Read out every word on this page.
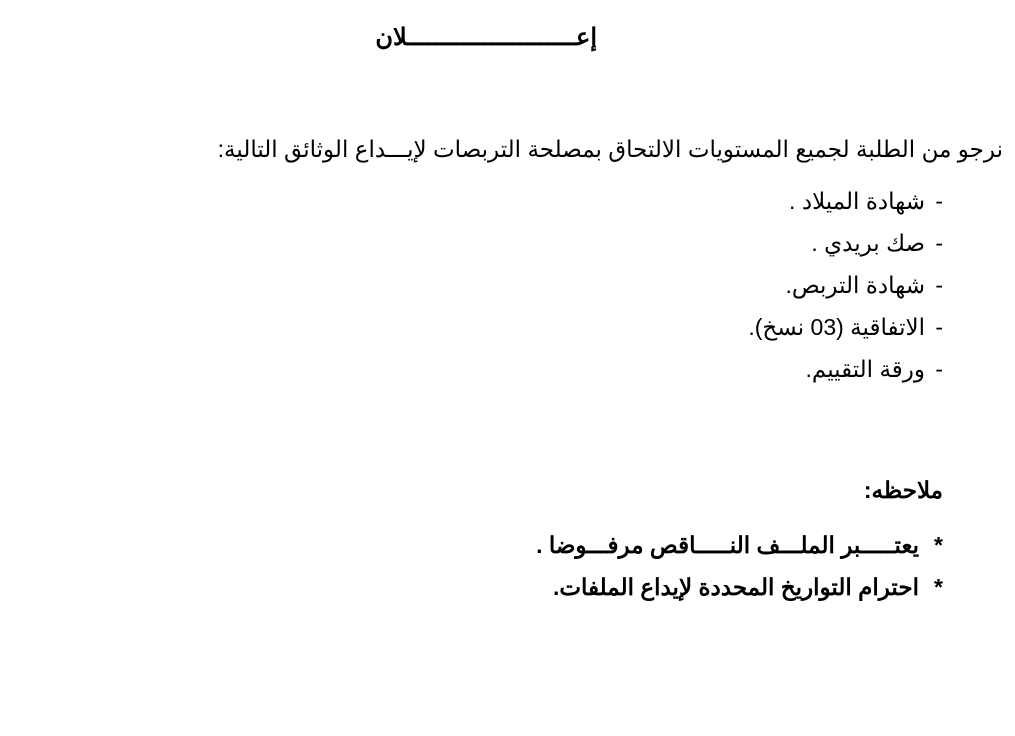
إعــــــــــــــــــــــــلان
نرجو من الطلبة لجميع المستويات الالتحاق بمصلحة التربصات لإيـــداع الوثائق التالية:
-شهادة الميلاد .
-صك بريدي .
-شهادة التربص.
-الاتفاقية (03 نسخ).
-ورقة التقييم.
ملاحظه:
*يعتـــــبر الملـــف النـــــاقص مرفـــوضا .
*احترام التواريخ المحددة لإيداع الملفات.
